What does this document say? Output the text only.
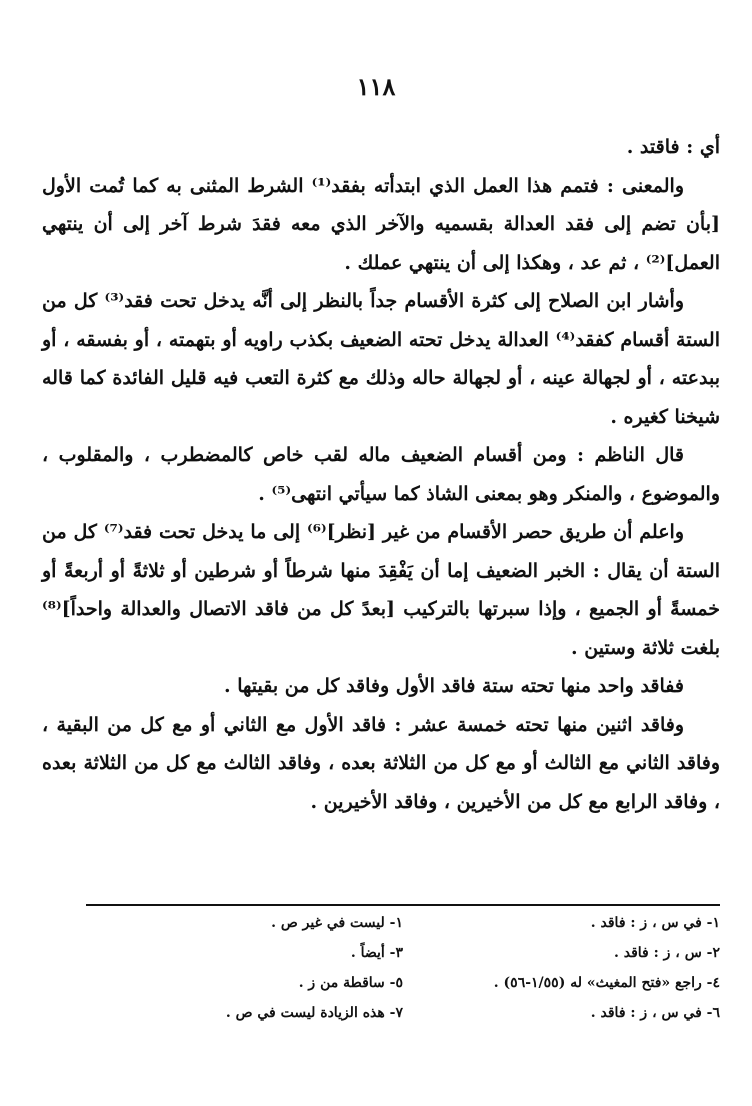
١١٨

أي : فاقتد .

والمعنى : فتمم هذا العمل الذي ابتدأته بفقد⁽¹⁾ الشرط المثنى به كما تُمت الأول [بأن تضم إلى فقد العدالة بقسميه والآخر الذي معه فقدَ شرط آخر إلى أن ينتهي العمل]⁽²⁾ ، ثم عد ، وهكذا إلى أن ينتهي عملك .

وأشار ابن الصلاح إلى كثرة الأقسام جداً بالنظر إلى أنَّه يدخل تحت فقد⁽³⁾ كل من الستة أقسام كفقد⁽⁴⁾ العدالة يدخل تحته الضعيف بكذب راويه أو بتهمته ، أو بفسقه ، أو ببدعته ، أو لجهالة عينه ، أو لجهالة حاله وذلك مع كثرة التعب فيه قليل الفائدة كما قاله شيخنا كغيره .

قال الناظم : ومن أقسام الضعيف ماله لقب خاص كالمضطرب ، والمقلوب ، والموضوع ، والمنكر وهو بمعنى الشاذ كما سيأتي انتهى⁽⁵⁾ .

واعلم أن طريق حصر الأقسام من غير [نظر]⁽⁶⁾ إلى ما يدخل تحت فقد⁽⁷⁾ كل من الستة أن يقال : الخبر الضعيف إما أن يَفْقِدَ منها شرطاً أو شرطين أو ثلاثةً أو أربعةً أو خمسةً أو الجميع ، وإذا سبرتها بالتركيب [بعدً كل من فاقد الاتصال والعدالة واحداً]⁽⁸⁾ بلغت ثلاثة وستين .

ففاقد واحد منها تحته ستة فاقد الأول وفاقد كل من بقيتها .

وفاقد اثنين منها تحته خمسة عشر : فاقد الأول مع الثاني أو مع كل من البقية ، وفاقد الثاني مع الثالث أو مع كل من الثلاثة بعده ، وفاقد الثالث مع كل من الثلاثة بعده ، وفاقد الرابع مع كل من الأخيرين ، وفاقد الأخيرين .

١- في س ، ز : فاقد .
١- ليست في غير ص .
٢- س ، ز : فاقد .
٣- أيضاً .
٤- راجع «فتح المغيث» له (١/٥٥-٥٦) .
٥- ساقطة من ز .
٦- في س ، ز : فاقد .
٧- هذه الزيادة ليست في ص .
